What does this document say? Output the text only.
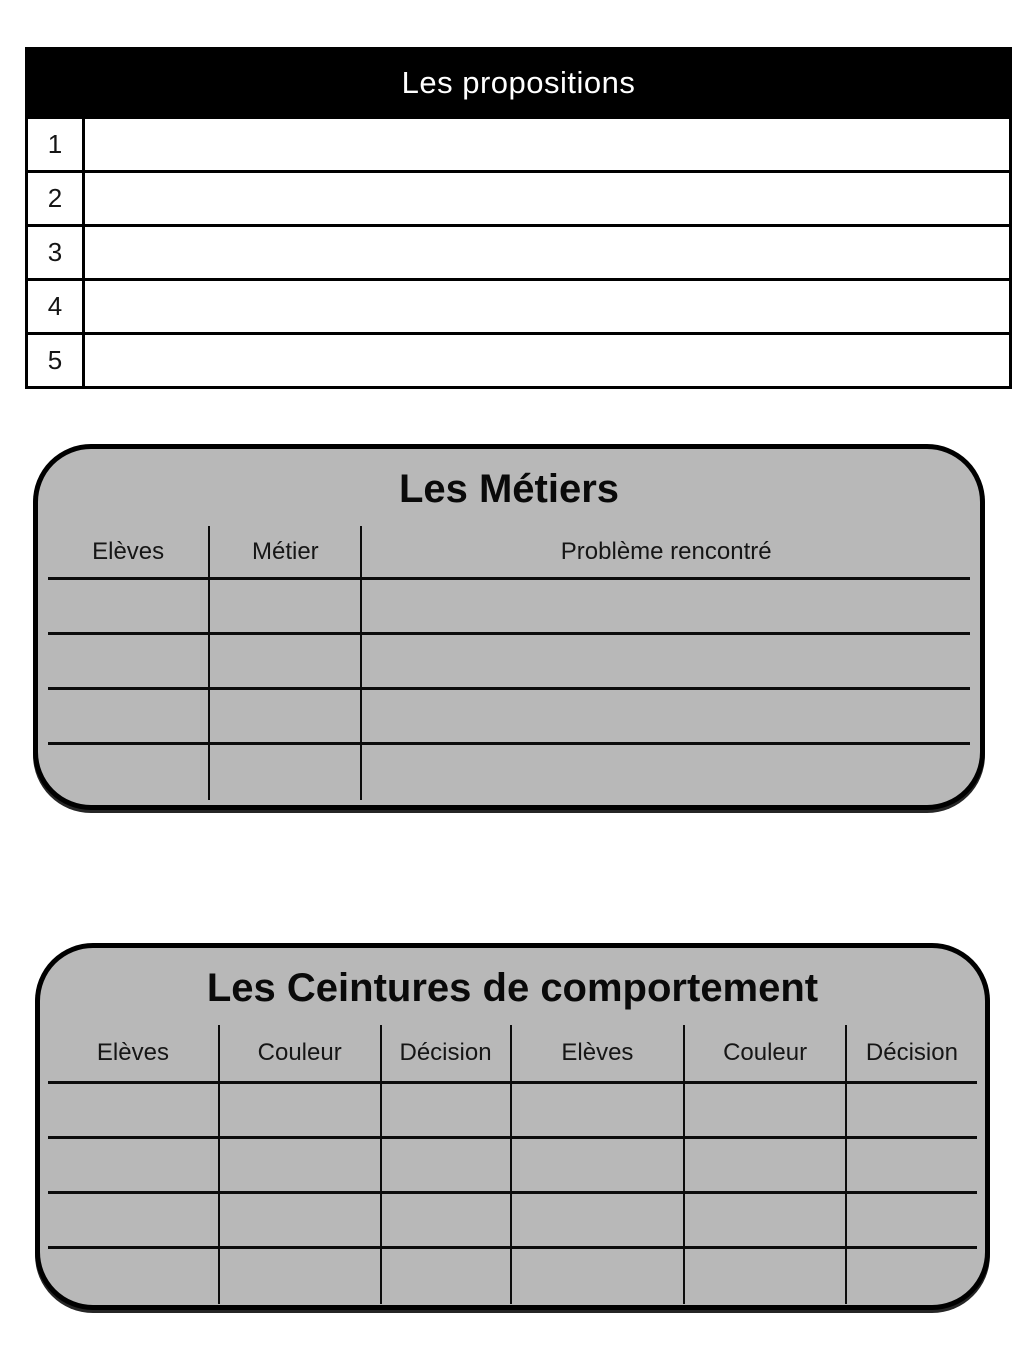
Les propositions
1
2
3
4
5
Les Métiers
Elèves	Métier	Problème rencontré
Les Ceintures de comportement
Elèves	Couleur	Décision	Elèves	Couleur	Décision
